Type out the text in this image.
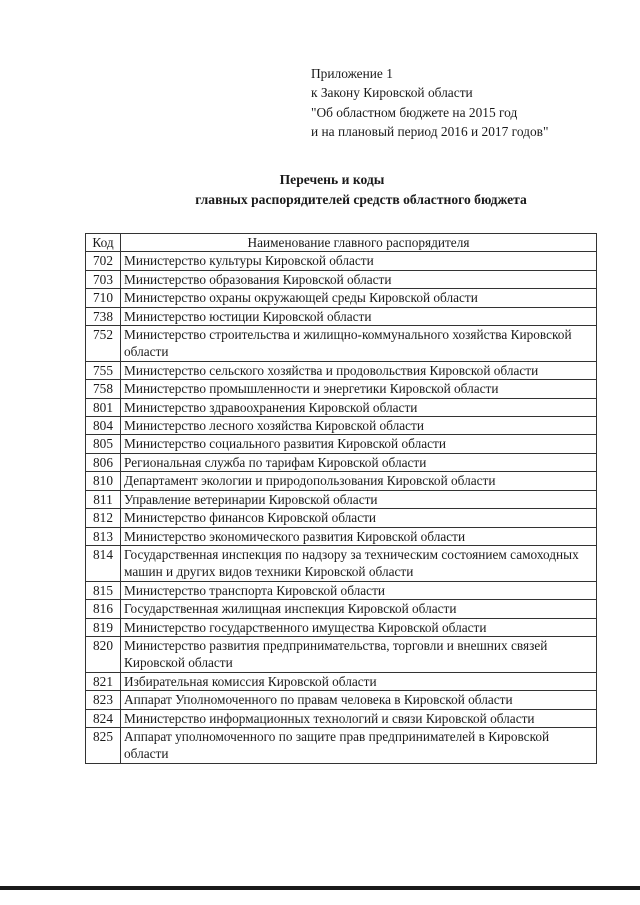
Приложение 1
к Закону Кировской области
"Об областном бюджете на 2015 год
и на плановый период 2016 и 2017 годов"
Перечень и коды
главных распорядителей средств областного бюджета
Код	Наименование главного распорядителя
702	Министерство культуры Кировской области
703	Министерство образования Кировской области
710	Министерство охраны окружающей среды Кировской области
738	Министерство юстиции Кировской области
752	Министерство строительства и жилищно-коммунального хозяйства Кировской области
755	Министерство сельского хозяйства и продовольствия Кировской области
758	Министерство промышленности и энергетики Кировской области
801	Министерство здравоохранения Кировской области
804	Министерство лесного хозяйства Кировской области
805	Министерство социального развития Кировской области
806	Региональная служба по тарифам Кировской области
810	Департамент экологии и природопользования Кировской области
811	Управление ветеринарии Кировской области
812	Министерство финансов Кировской области
813	Министерство экономического развития Кировской области
814	Государственная инспекция по надзору за техническим состоянием самоходных машин и других видов техники Кировской области
815	Министерство транспорта Кировской области
816	Государственная жилищная инспекция Кировской области
819	Министерство государственного имущества Кировской области
820	Министерство развития предпринимательства, торговли и внешних связей Кировской области
821	Избирательная комиссия Кировской области
823	Аппарат Уполномоченного по правам человека в Кировской области
824	Министерство информационных технологий и связи Кировской области
825	Аппарат уполномоченного по защите прав предпринимателей в Кировской области
